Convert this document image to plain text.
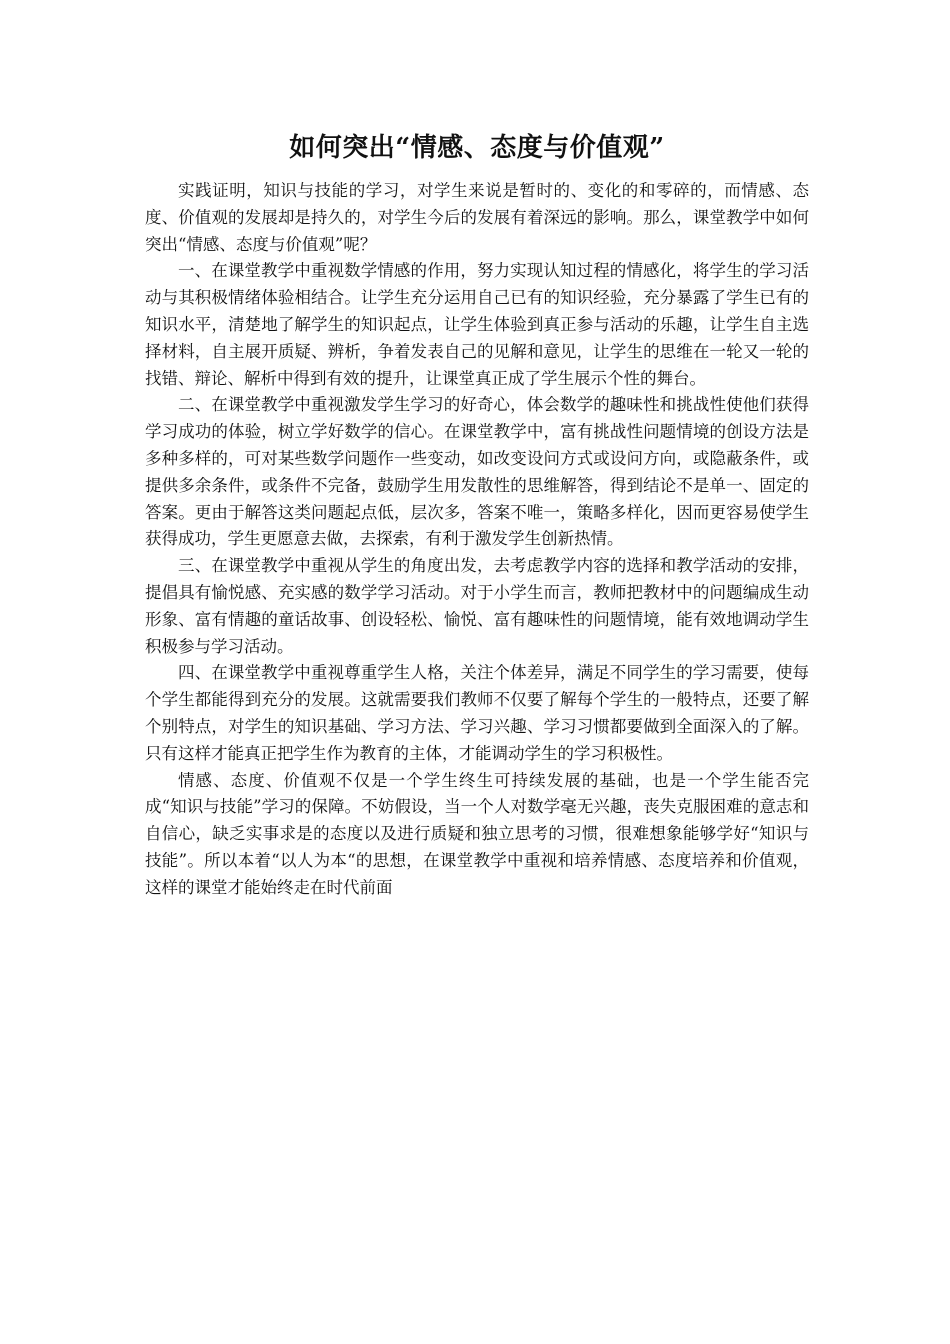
如何突出“情感、态度与价值观”

实践证明，知识与技能的学习，对学生来说是暂时的、变化的和零碎的，而情感、态度、价值观的发展却是持久的，对学生今后的发展有着深远的影响。那么，课堂教学中如何突出“情感、态度与价值观”呢？

一、在课堂教学中重视数学情感的作用，努力实现认知过程的情感化，将学生的学习活动与其积极情绪体验相结合。让学生充分运用自己已有的知识经验，充分暴露了学生已有的知识水平，清楚地了解学生的知识起点，让学生体验到真正参与活动的乐趣，让学生自主选择材料，自主展开质疑、辨析，争着发表自己的见解和意见，让学生的思维在一轮又一轮的找错、辩论、解析中得到有效的提升，让课堂真正成了学生展示个性的舞台。

二、在课堂教学中重视激发学生学习的好奇心，体会数学的趣味性和挑战性使他们获得学习成功的体验，树立学好数学的信心。在课堂教学中，富有挑战性问题情境的创设方法是多种多样的，可对某些数学问题作一些变动，如改变设问方式或设问方向，或隐蔽条件，或提供多余条件，或条件不完备，鼓励学生用发散性的思维解答，得到结论不是单一、固定的答案。更由于解答这类问题起点低，层次多，答案不唯一，策略多样化，因而更容易使学生获得成功，学生更愿意去做，去探索，有利于激发学生创新热情。

三、在课堂教学中重视从学生的角度出发，去考虑教学内容的选择和教学活动的安排，提倡具有愉悦感、充实感的数学学习活动。对于小学生而言，教师把教材中的问题编成生动形象、富有情趣的童话故事、创设轻松、愉悦、富有趣味性的问题情境，能有效地调动学生积极参与学习活动。

四、在课堂教学中重视尊重学生人格，关注个体差异，满足不同学生的学习需要，使每个学生都能得到充分的发展。这就需要我们教师不仅要了解每个学生的一般特点，还要了解个别特点，对学生的知识基础、学习方法、学习兴趣、学习习惯都要做到全面深入的了解。只有这样才能真正把学生作为教育的主体，才能调动学生的学习积极性。

情感、态度、价值观不仅是一个学生终生可持续发展的基础，也是一个学生能否完成“知识与技能”学习的保障。不妨假设，当一个人对数学毫无兴趣，丧失克服困难的意志和自信心，缺乏实事求是的态度以及进行质疑和独立思考的习惯，很难想象能够学好“知识与技能”。所以本着“以人为本“的思想，在课堂教学中重视和培养情感、态度培养和价值观，这样的课堂才能始终走在时代前面
